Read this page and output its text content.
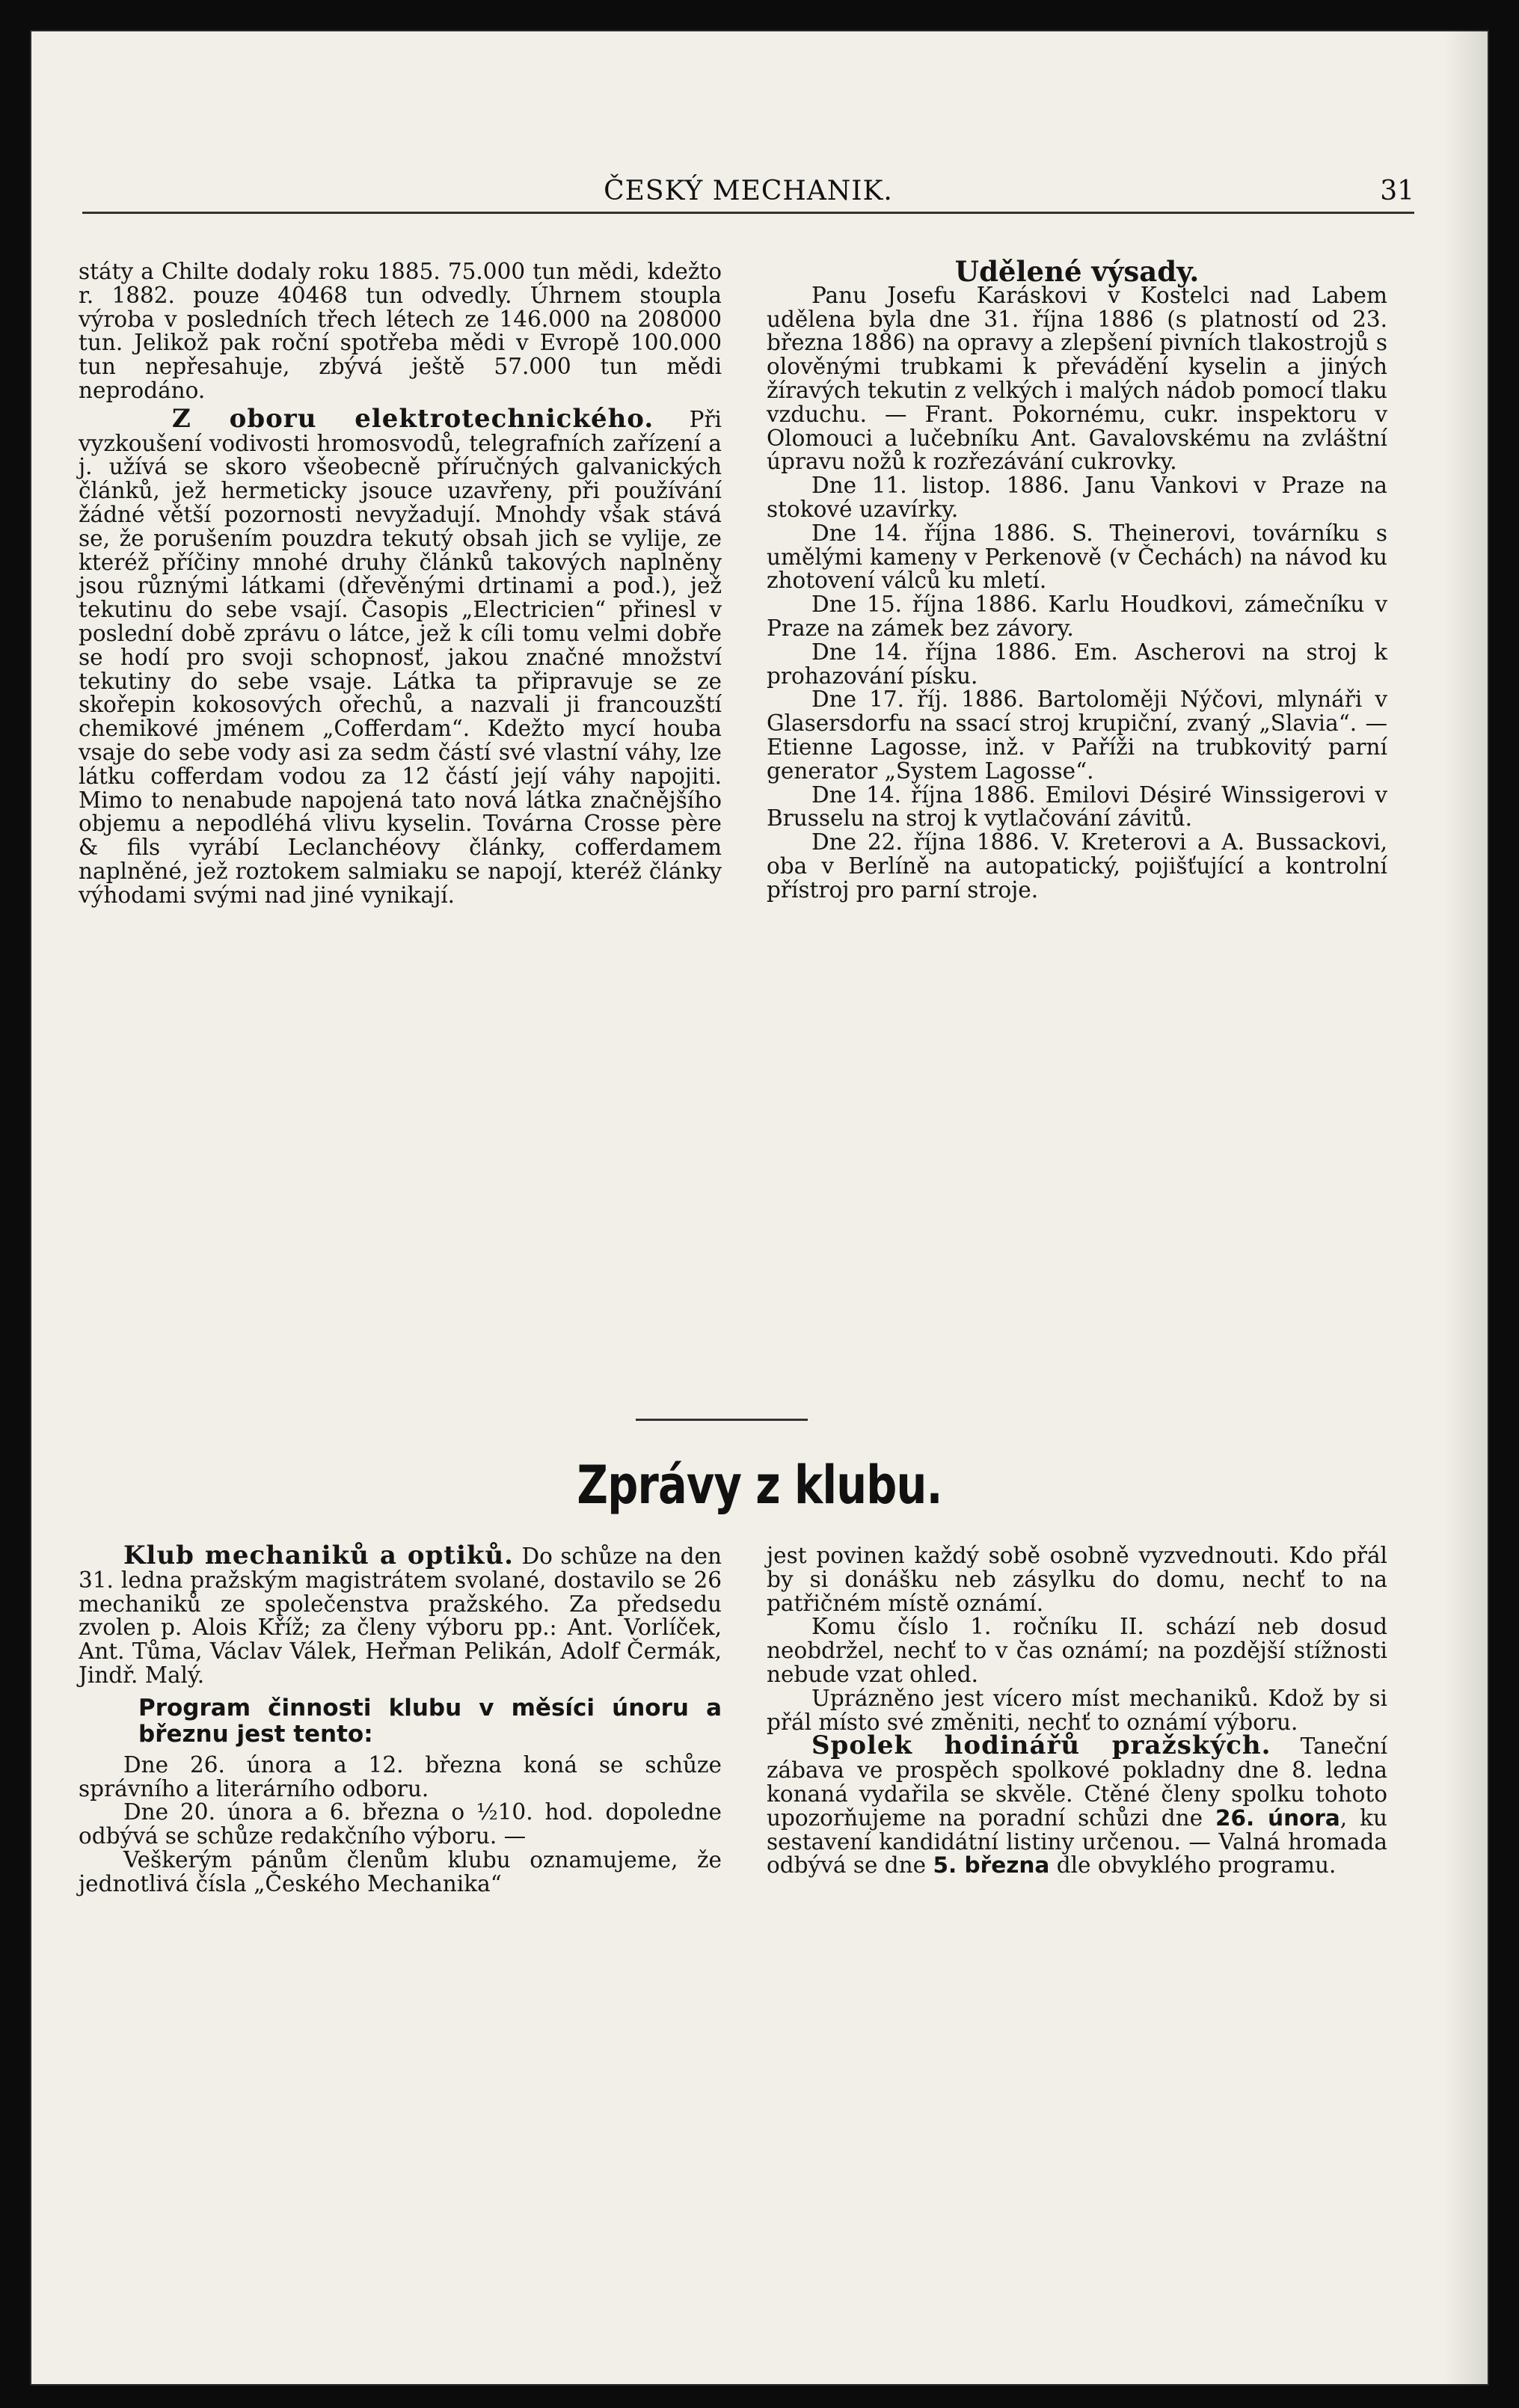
ČESKÝ MECHANIK.	31

státy a Chilte dodaly roku 1885. 75.000 tun mědi, kdežto r. 1882. pouze 40468 tun odvedly. Úhrnem stoupla výroba v posledních třech létech ze 146.000 na 208000 tun. Jelikož pak roční spotřeba mědi v Evropě 100.000 tun nepřesahuje, zbývá ještě 57.000 tun mědi neprodáno.

Z oboru elektrotechnického. Při vyzkoušení vodivosti hromosvodů, telegrafních zařízení a j. užívá se skoro všeobecně příručných galvanických článků, jež hermeticky jsouce uzavřeny, při používání žádné větší pozornosti nevyžadují. Mnohdy však stává se, že porušením pouzdra tekutý obsah jich se vylije, ze kteréž příčiny mnohé druhy článků takových naplněny jsou různými látkami (dřevěnými drtinami a pod.), jež tekutinu do sebe vsají. Časopis „Electricien“ přinesl v poslední době zprávu o látce, jež k cíli tomu velmi dobře se hodí pro svoji schopnosť, jakou značné množství tekutiny do sebe vsaje. Látka ta připravuje se ze skořepin kokosových ořechů, a nazvali ji francouzští chemikové jménem „Cofferdam“. Kdežto mycí houba vsaje do sebe vody asi za sedm částí své vlastní váhy, lze látku cofferdam vodou za 12 částí její váhy napojiti. Mimo to nenabude napojená tato nová látka značnějšího objemu a nepodléhá vlivu kyselin. Továrna Crosse père & fils vyrábí Leclanchéovy články, cofferdamem naplněné, jež roztokem salmiaku se napojí, kteréž články výhodami svými nad jiné vynikají.

Udělené výsady.

Panu Josefu Karáskovi v Kostelci nad Labem udělena byla dne 31. října 1886 (s platností od 23. března 1886) na opravy a zlepšení pivních tlakostrojů s olověnými trubkami k převádění kyselin a jiných žíravých tekutin z velkých i malých nádob pomocí tlaku vzduchu. — Frant. Pokornému, cukr. inspektoru v Olomouci a lučebníku Ant. Gavalovskému na zvláštní úpravu nožů k rozřezávání cukrovky.

Dne 11. listop. 1886. Janu Vankovi v Praze na stokové uzavírky.

Dne 14. října 1886. S. Theinerovi, továrníku s umělými kameny v Perkenově (v Čechách) na návod ku zhotovení válců ku mletí.

Dne 15. října 1886. Karlu Houdkovi, zámečníku v Praze na zámek bez závory.

Dne 14. října 1886. Em. Ascherovi na stroj k prohazování písku.

Dne 17. říj. 1886. Bartoloměji Nýčovi, mlynáři v Glasersdorfu na ssací stroj krupiční, zvaný „Slavia“. — Etienne Lagosse, inž. v Paříži na trubkovitý parní generator „System Lagosse“.

Dne 14. října 1886. Emilovi Désiré Winssigerovi v Brusselu na stroj k vytlačování závitů.

Dne 22. října 1886. V. Kreterovi a A. Bussackovi, oba v Berlíně na autopatický, pojišťující a kontrolní přístroj pro parní stroje.

Zprávy z klubu.

Klub mechaniků a optiků. Do schůze na den 31. ledna pražským magistrátem svolané, dostavilo se 26 mechaniků ze společenstva pražského. Za předsedu zvolen p. Alois Kříž; za členy výboru pp.: Ant. Vorlíček, Ant. Tůma, Václav Válek, Heřman Pelikán, Adolf Čermák, Jindř. Malý.

Program činnosti klubu v měsíci únoru a březnu jest tento:

Dne 26. února a 12. března koná se schůze správního a literárního odboru.

Dne 20. února a 6. března o ½10. hod. dopoledne odbývá se schůze redakčního výboru. —

Veškerým pánům členům klubu oznamujeme, že jednotlivá čísla „Českého Mechanika“

jest povinen každý sobě osobně vyzvednouti. Kdo přál by si donášku neb zásylku do domu, nechť to na patřičném místě oznámí.

Komu číslo 1. ročníku II. schází neb dosud neobdržel, nechť to v čas oznámí; na pozdější stížnosti nebude vzat ohled.

Uprázněno jest vícero míst mechaniků. Kdož by si přál místo své změniti, nechť to oznámí výboru.

Spolek hodinářů pražských. Taneční zábava ve prospěch spolkové pokladny dne 8. ledna konaná vydařila se skvěle. Ctěné členy spolku tohoto upozorňujeme na poradní schůzi dne 26. února, ku sestavení kandidátní listiny určenou. — Valná hromada odbývá se dne 5. března dle obvyklého programu.
